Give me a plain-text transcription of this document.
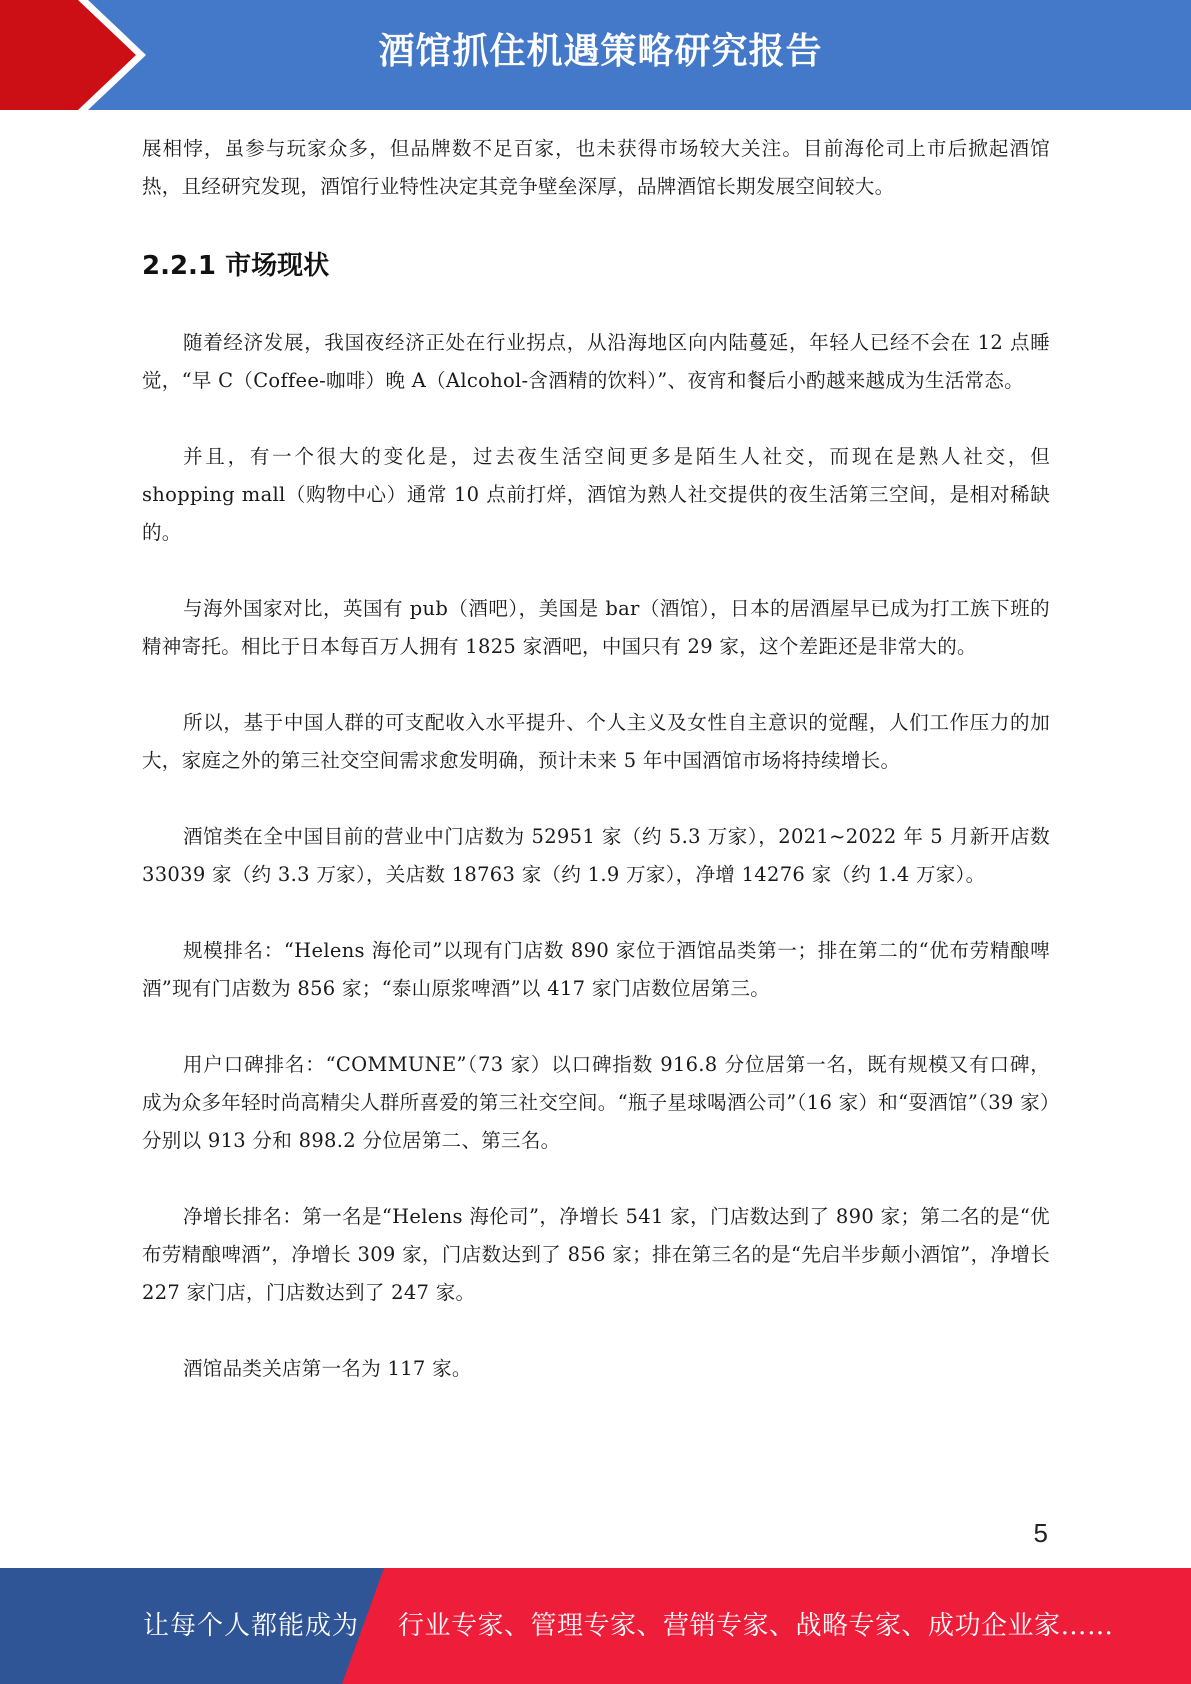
酒馆抓住机遇策略研究报告

展相悖，虽参与玩家众多，但品牌数不足百家，也未获得市场较大关注。目前海伦司上市后掀起酒馆热，且经研究发现，酒馆行业特性决定其竞争壁垒深厚，品牌酒馆长期发展空间较大。

2.2.1 市场现状

随着经济发展，我国夜经济正处在行业拐点，从沿海地区向内陆蔓延，年轻人已经不会在 12 点睡觉，“早 C（Coffee-咖啡）晚 A（Alcohol-含酒精的饮料）”、夜宵和餐后小酌越来越成为生活常态。

并且，有一个很大的变化是，过去夜生活空间更多是陌生人社交，而现在是熟人社交，但 shopping mall（购物中心）通常 10 点前打烊，酒馆为熟人社交提供的夜生活第三空间，是相对稀缺的。

与海外国家对比，英国有 pub（酒吧），美国是 bar（酒馆），日本的居酒屋早已成为打工族下班的精神寄托。相比于日本每百万人拥有 1825 家酒吧，中国只有 29 家，这个差距还是非常大的。

所以，基于中国人群的可支配收入水平提升、个人主义及女性自主意识的觉醒，人们工作压力的加大，家庭之外的第三社交空间需求愈发明确，预计未来 5 年中国酒馆市场将持续增长。

酒馆类在全中国目前的营业中门店数为 52951 家（约 5.3 万家），2021~2022 年 5 月新开店数 33039 家（约 3.3 万家），关店数 18763 家（约 1.9 万家），净增 14276 家（约 1.4 万家）。

规模排名：“Helens 海伦司”以现有门店数 890 家位于酒馆品类第一；排在第二的“优布劳精酿啤酒”现有门店数为 856 家；“泰山原浆啤酒”以 417 家门店数位居第三。

用户口碑排名：“COMMUNE”（73 家）以口碑指数 916.8 分位居第一名，既有规模又有口碑，成为众多年轻时尚高精尖人群所喜爱的第三社交空间。“瓶子星球喝酒公司”（16 家）和“耍酒馆”（39 家）分别以 913 分和 898.2 分位居第二、第三名。

净增长排名：第一名是“Helens 海伦司”，净增长 541 家，门店数达到了 890 家；第二名的是“优布劳精酿啤酒”，净增长 309 家，门店数达到了 856 家；排在第三名的是“先启半步颠小酒馆”，净增长 227 家门店，门店数达到了 247 家。

酒馆品类关店第一名为 117 家。

5
让每个人都能成为 行业专家、管理专家、营销专家、战略专家、成功企业家……
